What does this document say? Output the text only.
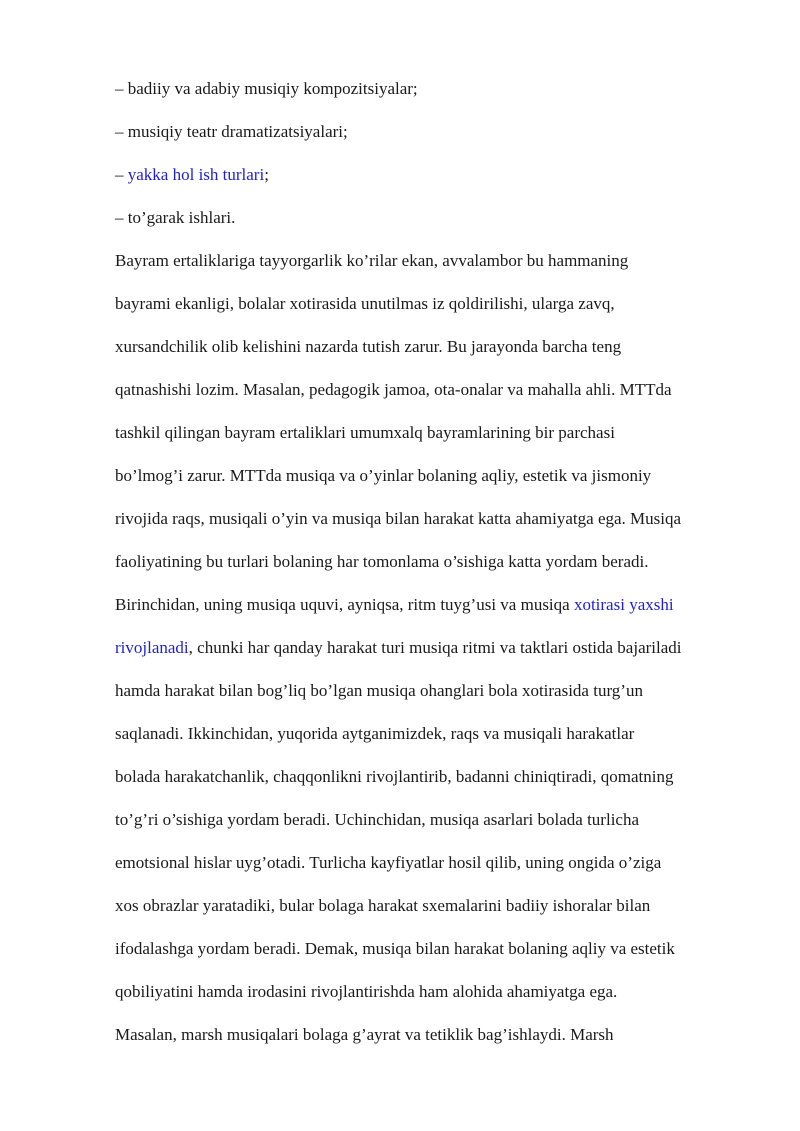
– badiiy va adabiy musiqiy kompozitsiyalar;
– musiqiy teatr dramatizatsiyalari;
– yakka hol ish turlari;
– to’garak ishlari.
Bayram ertaliklariga tayyorgarlik ko’rilar ekan, avvalambor bu hammaning
bayrami ekanligi, bolalar xotirasida unutilmas iz qoldirilishi, ularga zavq,
xursandchilik olib kelishini nazarda tutish zarur. Bu jarayonda barcha teng
qatnashishi lozim. Masalan, pedagogik jamoa, ota-onalar va mahalla ahli. MTTda
tashkil qilingan bayram ertaliklari umumxalq bayramlarining bir parchasi
bo’lmog’i zarur. MTTda musiqa va o’yinlar bolaning aqliy, estetik va jismoniy
rivojida raqs, musiqali o’yin va musiqa bilan harakat katta ahamiyatga ega. Musiqa
faoliyatining bu turlari bolaning har tomonlama o’sishiga katta yordam beradi.
Birinchidan, uning musiqa uquvi, ayniqsa, ritm tuyg’usi va musiqa xotirasi yaxshi
rivojlanadi, chunki har qanday harakat turi musiqa ritmi va taktlari ostida bajariladi
hamda harakat bilan bog’liq bo’lgan musiqa ohanglari bola xotirasida turg’un
saqlanadi. Ikkinchidan, yuqorida aytganimizdek, raqs va musiqali harakatlar
bolada harakatchanlik, chaqqonlikni rivojlantirib, badanni chiniqtiradi, qomatning
to’g’ri o’sishiga yordam beradi. Uchinchidan, musiqa asarlari bolada turlicha
emotsional hislar uyg’otadi. Turlicha kayfiyatlar hosil qilib, uning ongida o’ziga
xos obrazlar yaratadiki, bular bolaga harakat sxemalarini badiiy ishoralar bilan
ifodalashga yordam beradi. Demak, musiqa bilan harakat bolaning aqliy va estetik
qobiliyatini hamda irodasini rivojlantirishda ham alohida ahamiyatga ega.
Masalan, marsh musiqalari bolaga g’ayrat va tetiklik bag’ishlaydi. Marsh
